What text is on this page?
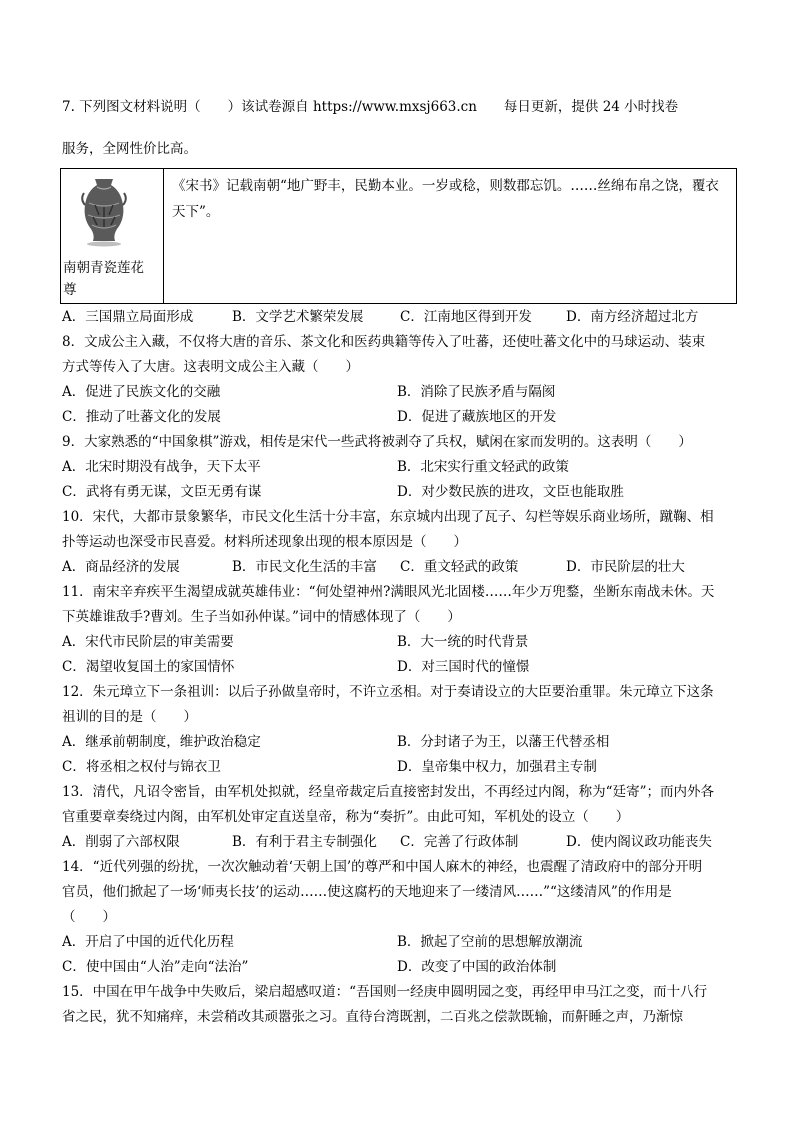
7. 下列图文材料说明（　　）该试卷源自 https://www.mxsj663.cn　　每日更新，提供 24 小时找卷
服务，全网性价比高。
南朝青瓷莲花尊
	《宋书》记载南朝“地广野丰，民勤本业。一岁或稔，则数郡忘饥。……丝绵布帛之饶，覆衣天下”。
A．三国鼎立局面形成	B．文学艺术繁荣发展	C．江南地区得到开发	D．南方经济超过北方
8．文成公主入藏，不仅将大唐的音乐、茶文化和医药典籍等传入了吐蕃，还使吐蕃文化中的马球运动、装束
方式等传入了大唐。这表明文成公主入藏（　　）
A．促进了民族文化的交融	B．消除了民族矛盾与隔阂
C．推动了吐蕃文化的发展	D．促进了藏族地区的开发
9．大家熟悉的“中国象棋”游戏，相传是宋代一些武将被剥夺了兵权，赋闲在家而发明的。这表明（　　）
A．北宋时期没有战争，天下太平	B．北宋实行重文轻武的政策
C．武将有勇无谋，文臣无勇有谋	D．对少数民族的进攻，文臣也能取胜
10．宋代，大都市景象繁华，市民文化生活十分丰富，东京城内出现了瓦子、勾栏等娱乐商业场所，蹴鞠、相
扑等运动也深受市民喜爱。材料所述现象出现的根本原因是（　　）
A．商品经济的发展	B．市民文化生活的丰富 C．重文轻武的政策	D．市民阶层的壮大
11．南宋辛弃疾平生渴望成就英雄伟业：“何处望神州?满眼风光北固楼……年少万兜鍪，坐断东南战未休。天
下英雄谁敌手?曹刘。生子当如孙仲谋。”词中的情感体现了（　　）
A．宋代市民阶层的审美需要	B．大一统的时代背景
C．渴望收复国土的家国情怀	D．对三国时代的憧憬
12．朱元璋立下一条祖训：以后子孙做皇帝时，不许立丞相。对于奏请设立的大臣要治重罪。朱元璋立下这条
祖训的目的是（　　）
A．继承前朝制度，维护政治稳定	B．分封诸子为王，以藩王代替丞相
C．将丞相之权付与锦衣卫	D．皇帝集中权力，加强君主专制
13．清代，凡诏令密旨，由军机处拟就，经皇帝裁定后直接密封发出，不再经过内阁，称为“廷寄”；而内外各
官重要章奏绕过内阁，由军机处审定直送皇帝，称为“奏折”。由此可知，军机处的设立（　　）
A．削弱了六部权限	B．有利于君主专制强化 C．完善了行政体制	D．使内阁议政功能丧失
14．“近代列强的纷扰，一次次触动着‘天朝上国’的尊严和中国人麻木的神经，也震醒了清政府中的部分开明
官员，他们掀起了一场‘师夷长技’的运动……使这腐朽的天地迎来了一缕清风……”“这缕清风”的作用是
（　　）
A．开启了中国的近代化历程	B．掀起了空前的思想解放潮流
C．使中国由“人治”走向“法治”	D．改变了中国的政治体制
15．中国在甲午战争中失败后，梁启超感叹道：“吾国则一经庚申圆明园之变，再经甲申马江之变，而十八行
省之民，犹不知痛痒，未尝稍改其顽嚣张之习。直待台湾既割，二百兆之偿款既输，而鼾睡之声，乃渐惊
